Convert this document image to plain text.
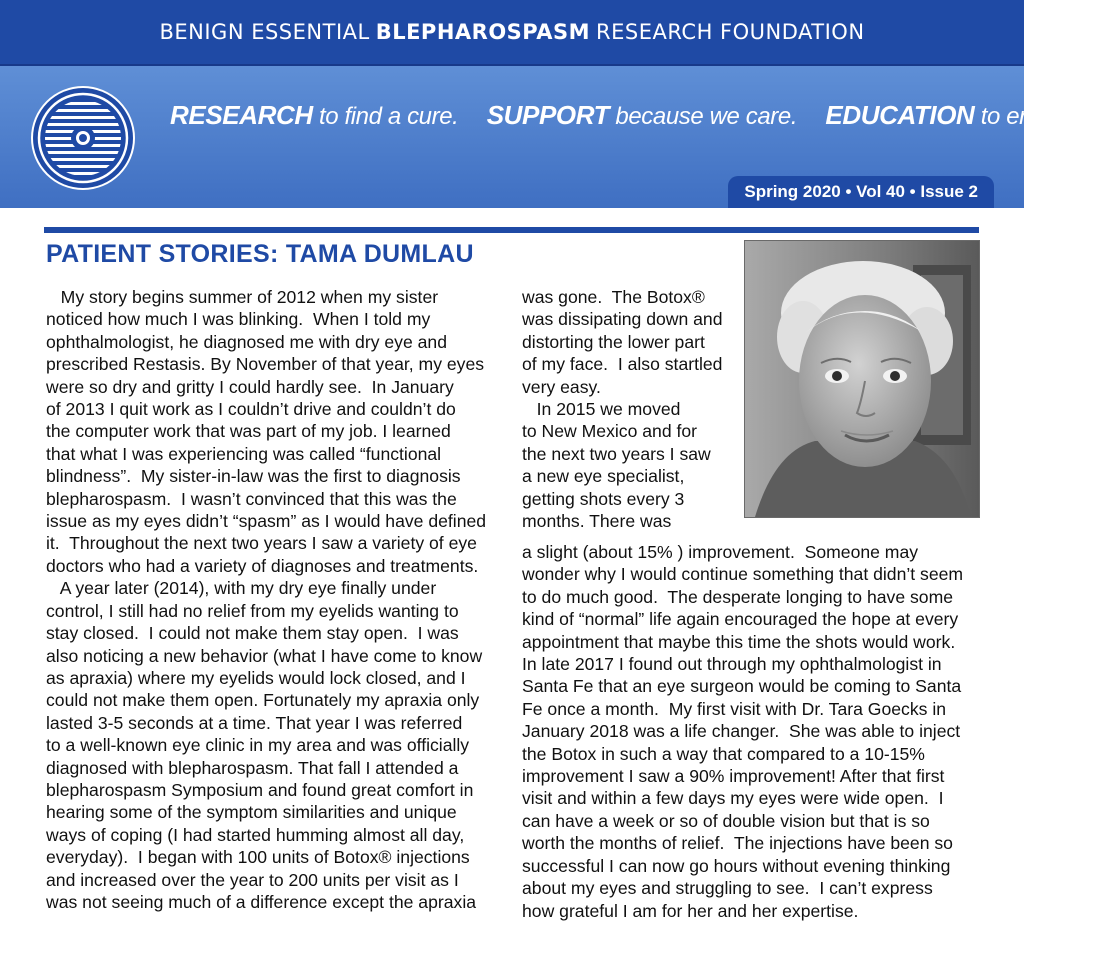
BENIGN ESSENTIAL BLEPHAROSPASM RESEARCH FOUNDATION
RESEARCH to find a cure. SUPPORT because we care. EDUCATION to enlighten.
Spring 2020 • Vol 40 • Issue 2
PATIENT STORIES: TAMA DUMLAU

My story begins summer of 2012 when my sister

noticed how much I was blinking.  When I told my

ophthalmologist, he diagnosed me with dry eye and

prescribed Restasis. By November of that year, my eyes

were so dry and gritty I could hardly see.  In January

of 2013 I quit work as I couldn’t drive and couldn’t do

the computer work that was part of my job. I learned

that what I was experiencing was called “functional

blindness”.  My sister-in-law was the first to diagnosis

blepharospasm.  I wasn’t convinced that this was the

issue as my eyes didn’t “spasm” as I would have defined

it.  Throughout the next two years I saw a variety of eye

doctors who had a variety of diagnoses and treatments.

A year later (2014), with my dry eye finally under

control, I still had no relief from my eyelids wanting to

stay closed.  I could not make them stay open.  I was

also noticing a new behavior (what I have come to know

as apraxia) where my eyelids would lock closed, and I

could not make them open. Fortunately my apraxia only

lasted 3-5 seconds at a time. That year I was referred

to a well-known eye clinic in my area and was officially

diagnosed with blepharospasm. That fall I attended a

blepharospasm Symposium and found great comfort in

hearing some of the symptom similarities and unique

ways of coping (I had started humming almost all day,

everyday).  I began with 100 units of Botox® injections

and increased over the year to 200 units per visit as I

was not seeing much of a difference except the apraxia

was gone.  The Botox®

was dissipating down and

distorting the lower part

of my face.  I also startled

very easy.

In 2015 we moved

to New Mexico and for

the next two years I saw

a new eye specialist,

getting shots every 3

months. There was

a slight (about 15% ) improvement.  Someone may

wonder why I would continue something that didn’t seem

to do much good.  The desperate longing to have some

kind of “normal” life again encouraged the hope at every

appointment that maybe this time the shots would work.

In late 2017 I found out through my ophthalmologist in

Santa Fe that an eye surgeon would be coming to Santa

Fe once a month.  My first visit with Dr. Tara Goecks in

January 2018 was a life changer.  She was able to inject

the Botox in such a way that compared to a 10-15%

improvement I saw a 90% improvement! After that first

visit and within a few days my eyes were wide open.  I

can have a week or so of double vision but that is so

worth the months of relief.  The injections have been so

successful I can now go hours without evening thinking

about my eyes and struggling to see.  I can’t express

how grateful I am for her and her expertise.
